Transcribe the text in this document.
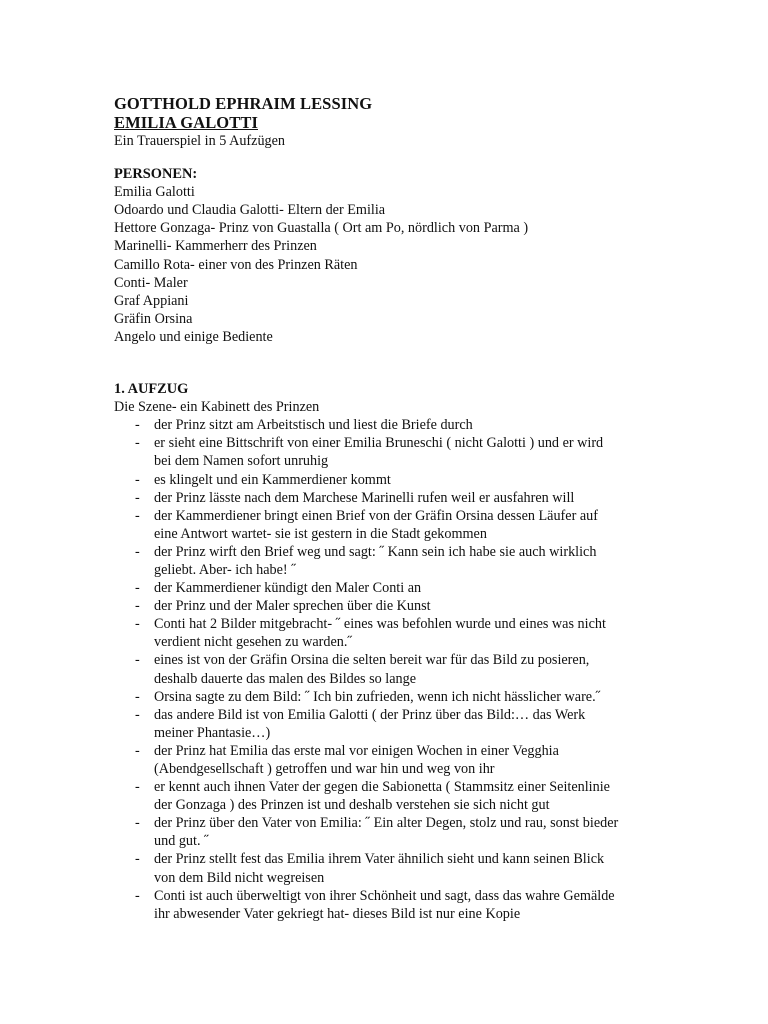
GOTTHOLD EPHRAIM LESSING
EMILIA GALOTTI
Ein Trauerspiel in 5 Aufzügen
PERSONEN:
Emilia Galotti
Odoardo und Claudia Galotti- Eltern der Emilia
Hettore Gonzaga- Prinz von Guastalla ( Ort am Po, nördlich von Parma )
Marinelli- Kammerherr des Prinzen
Camillo Rota- einer von des Prinzen Räten
Conti- Maler
Graf Appiani
Gräfin Orsina
Angelo und einige Bediente
1. AUFZUG
Die Szene- ein Kabinett des Prinzen
- der Prinz sitzt am Arbeitstisch und liest die Briefe durch
- er sieht eine Bittschrift von einer Emilia Bruneschi ( nicht Galotti ) und er wird
bei dem Namen sofort unruhig
- es klingelt und ein Kammerdiener kommt
- der Prinz lässte nach dem Marchese Marinelli rufen weil er ausfahren will
- der Kammerdiener bringt einen Brief von der Gräfin Orsina dessen Läufer auf
eine Antwort wartet- sie ist gestern in die Stadt gekommen
- der Prinz wirft den Brief weg und sagt: ˝ Kann sein ich habe sie auch wirklich
geliebt. Aber- ich habe! ˝
- der Kammerdiener kündigt den Maler Conti an
- der Prinz und der Maler sprechen über die Kunst
- Conti hat 2 Bilder mitgebracht- ˝ eines was befohlen wurde und eines was nicht
verdient nicht gesehen zu warden.˝
- eines ist von der Gräfin Orsina die selten bereit war für das Bild zu posieren,
deshalb dauerte das malen des Bildes so lange
- Orsina sagte zu dem Bild: ˝ Ich bin zufrieden, wenn ich nicht hässlicher ware.˝
- das andere Bild ist von Emilia Galotti ( der Prinz über das Bild:… das Werk
meiner Phantasie…)
- der Prinz hat Emilia das erste mal vor einigen Wochen in einer Vegghia
(Abendgesellschaft ) getroffen und war hin und weg von ihr
- er kennt auch ihnen Vater der gegen die Sabionetta ( Stammsitz einer Seitenlinie
der Gonzaga ) des Prinzen ist und deshalb verstehen sie sich nicht gut
- der Prinz über den Vater von Emilia: ˝ Ein alter Degen, stolz und rau, sonst bieder
und gut. ˝
- der Prinz stellt fest das Emilia ihrem Vater ähnilich sieht und kann seinen Blick
von dem Bild nicht wegreisen
- Conti ist auch überweltigt von ihrer Schönheit und sagt, dass das wahre Gemälde
ihr abwesender Vater gekriegt hat- dieses Bild ist nur eine Kopie
